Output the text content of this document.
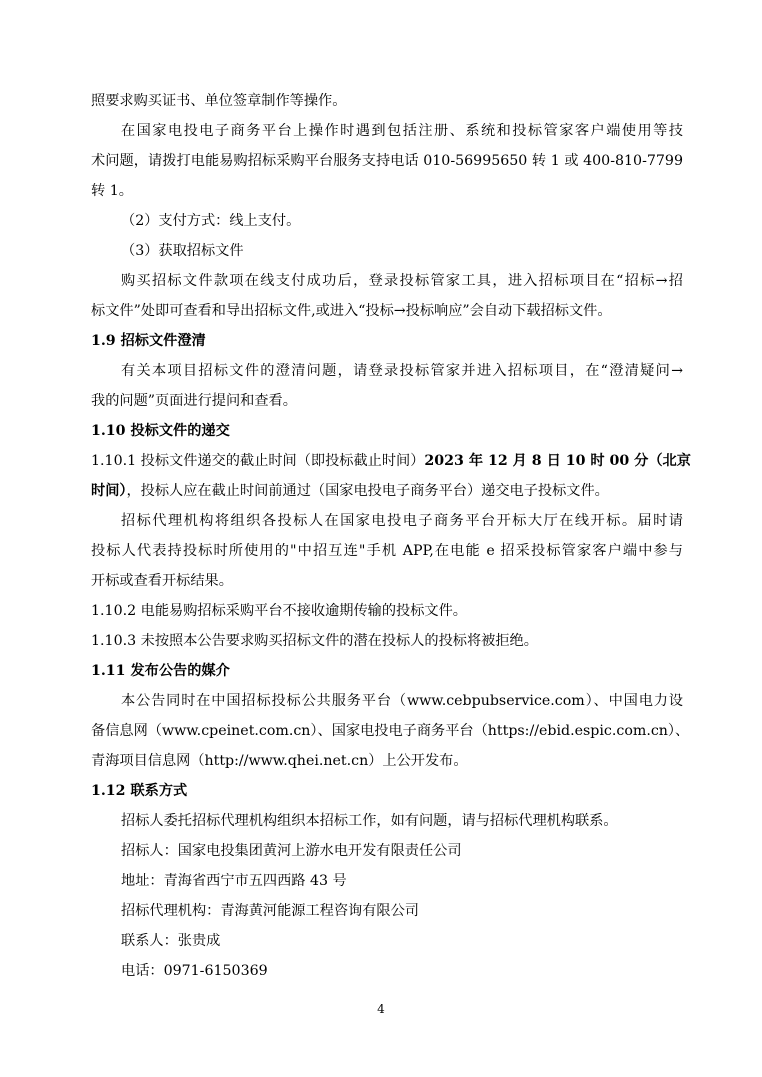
照要求购买证书、单位签章制作等操作。
在国家电投电子商务平台上操作时遇到包括注册、系统和投标管家客户端使用等技
术问题，请拨打电能易购招标采购平台服务支持电话 010-56995650 转 1 或 400-810-7799
转 1。
（2）支付方式：线上支付。
（3）获取招标文件
购买招标文件款项在线支付成功后，登录投标管家工具，进入招标项目在“招标→招
标文件”处即可查看和导出招标文件,或进入“投标→投标响应”会自动下载招标文件。
1.9 招标文件澄清
有关本项目招标文件的澄清问题，请登录投标管家并进入招标项目，在“澄清疑问→
我的问题”页面进行提问和查看。
1.10 投标文件的递交
1.10.1 投标文件递交的截止时间（即投标截止时间）2023 年 12 月 8 日 10 时 00 分（北京
时间），投标人应在截止时间前通过（国家电投电子商务平台）递交电子投标文件。
招标代理机构将组织各投标人在国家电投电子商务平台开标大厅在线开标。届时请
投标人代表持投标时所使用的"中招互连"手机 APP,在电能 e 招采投标管家客户端中参与
开标或查看开标结果。
1.10.2 电能易购招标采购平台不接收逾期传输的投标文件。
1.10.3 未按照本公告要求购买招标文件的潜在投标人的投标将被拒绝。
1.11 发布公告的媒介
本公告同时在中国招标投标公共服务平台（www.cebpubservice.com）、中国电力设
备信息网（www.cpeinet.com.cn）、国家电投电子商务平台（https://ebid.espic.com.cn）、
青海项目信息网（http://www.qhei.net.cn）上公开发布。
1.12 联系方式
招标人委托招标代理机构组织本招标工作，如有问题，请与招标代理机构联系。
招标人：国家电投集团黄河上游水电开发有限责任公司
地址：青海省西宁市五四西路 43 号
招标代理机构：青海黄河能源工程咨询有限公司
联系人：张贵成
电话：0971-6150369
4
